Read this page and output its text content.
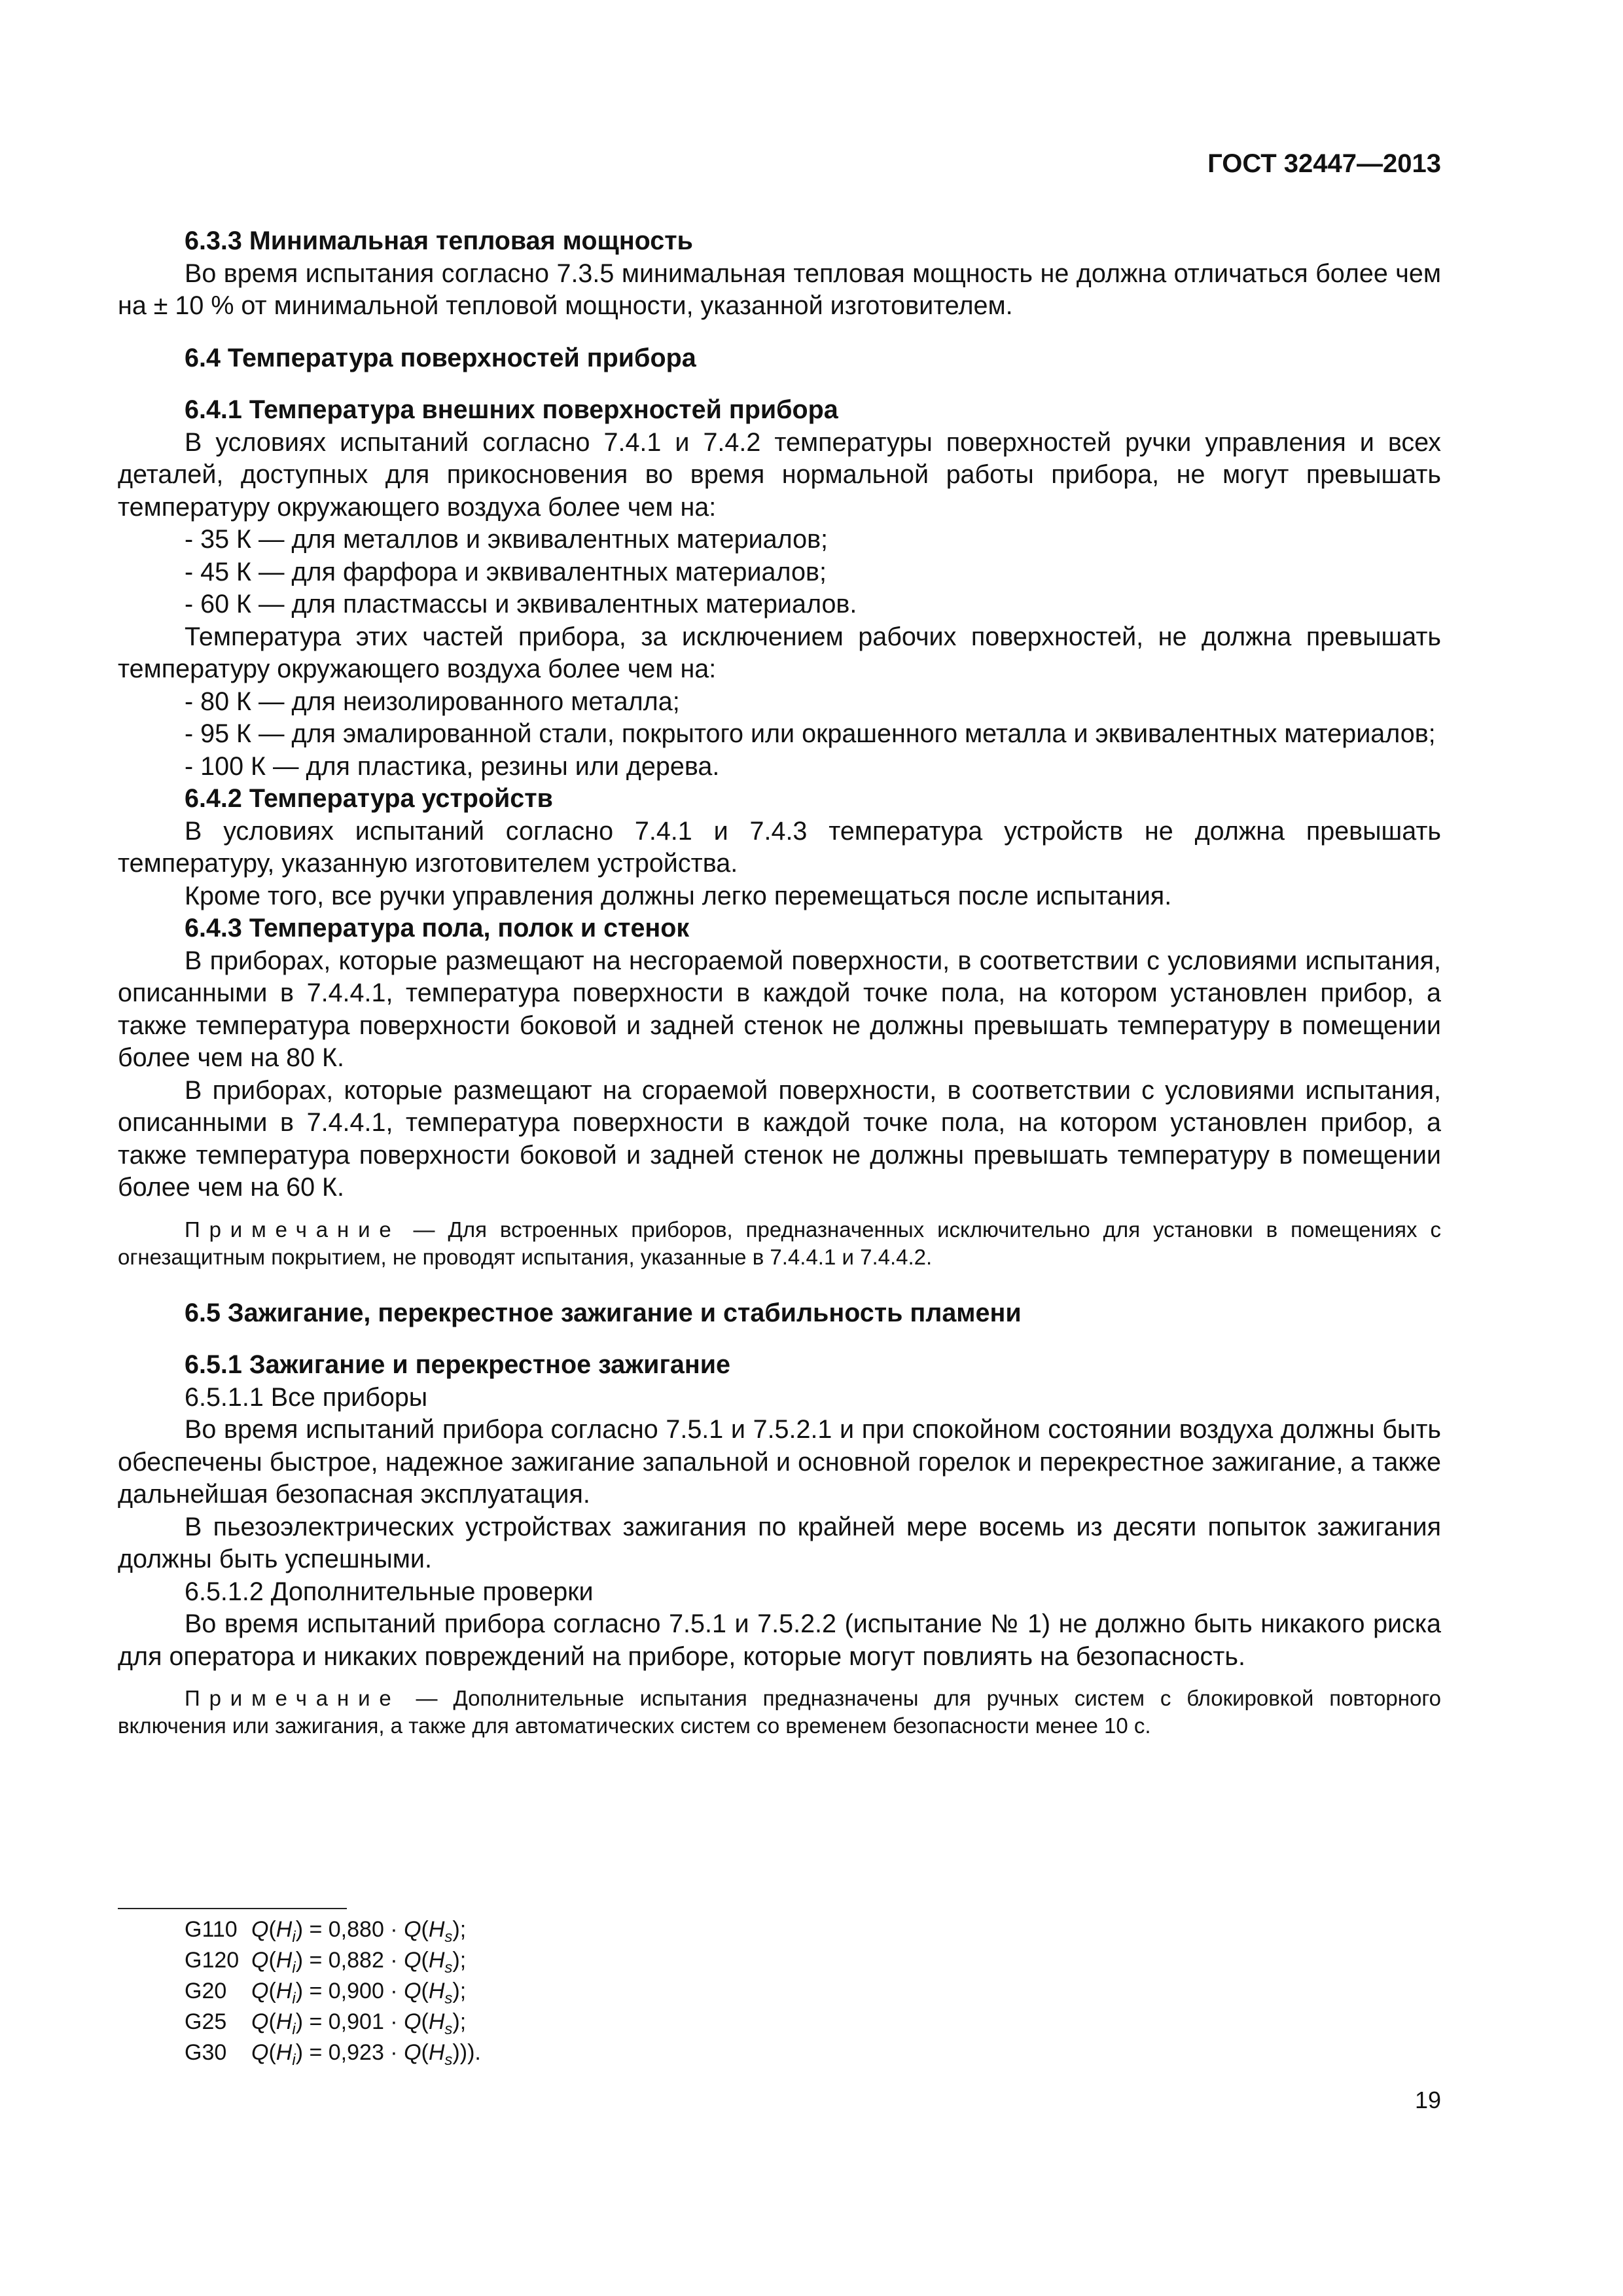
ГОСТ 32447—2013
6.3.3 Минимальная тепловая мощность
Во время испытания согласно 7.3.5 минимальная тепловая мощность не должна отличаться более чем на ± 10 % от минимальной тепловой мощности, указанной изготовителем.
6.4 Температура поверхностей прибора
6.4.1 Температура внешних поверхностей прибора
В условиях испытаний согласно 7.4.1 и 7.4.2 температуры поверхностей ручки управления и всех деталей, доступных для прикосновения во время нормальной работы прибора, не могут превышать температуру окружающего воздуха более чем на:
- 35 К — для металлов и эквивалентных материалов;
- 45 К — для фарфора и эквивалентных материалов;
- 60 К — для пластмассы и эквивалентных материалов.
Температура этих частей прибора, за исключением рабочих поверхностей, не должна превышать температуру окружающего воздуха более чем на:
- 80 К — для неизолированного металла;
- 95 К — для эмалированной стали, покрытого или окрашенного металла и эквивалентных материалов;
- 100 К — для пластика, резины или дерева.
6.4.2 Температура устройств
В условиях испытаний согласно 7.4.1 и 7.4.3 температура устройств не должна превышать температуру, указанную изготовителем устройства.
Кроме того, все ручки управления должны легко перемещаться после испытания.
6.4.3 Температура пола, полок и стенок
В приборах, которые размещают на несгораемой поверхности, в соответствии с условиями испытания, описанными в 7.4.4.1, температура поверхности в каждой точке пола, на котором установлен прибор, а также температура поверхности боковой и задней стенок не должны превышать температуру в помещении более чем на 80 К.
В приборах, которые размещают на сгораемой поверхности, в соответствии с условиями испытания, описанными в 7.4.4.1, температура поверхности в каждой точке пола, на котором установлен прибор, а также температура поверхности боковой и задней стенок не должны превышать температуру в помещении более чем на 60 К.
Примечание — Для встроенных приборов, предназначенных исключительно для установки в помещениях с огнезащитным покрытием, не проводят испытания, указанные в 7.4.4.1 и 7.4.4.2.
6.5 Зажигание, перекрестное зажигание и стабильность пламени
6.5.1 Зажигание и перекрестное зажигание
6.5.1.1 Все приборы
Во время испытаний прибора согласно 7.5.1 и 7.5.2.1 и при спокойном состоянии воздуха должны быть обеспечены быстрое, надежное зажигание запальной и основной горелок и перекрестное зажигание, а также дальнейшая безопасная эксплуатация.
В пьезоэлектрических устройствах зажигания по крайней мере восемь из десяти попыток зажигания должны быть успешными.
6.5.1.2 Дополнительные проверки
Во время испытаний прибора согласно 7.5.1 и 7.5.2.2 (испытание № 1) не должно быть никакого риска для оператора и никаких повреждений на приборе, которые могут повлиять на безопасность.
Примечание — Дополнительные испытания предназначены для ручных систем с блокировкой повторного включения или зажигания, а также для автоматических систем со временем безопасности менее 10 с.
G110 $Q(H_i) = 0,880 \cdot Q(H_s)$;
G120 $Q(H_i) = 0,882 \cdot Q(H_s)$;
G20 $Q(H_i) = 0,900 \cdot Q(H_s)$;
G25 $Q(H_i) = 0,901 \cdot Q(H_s)$;
G30 $Q(H_i) = 0,923 \cdot Q(H_s)$)).
19
